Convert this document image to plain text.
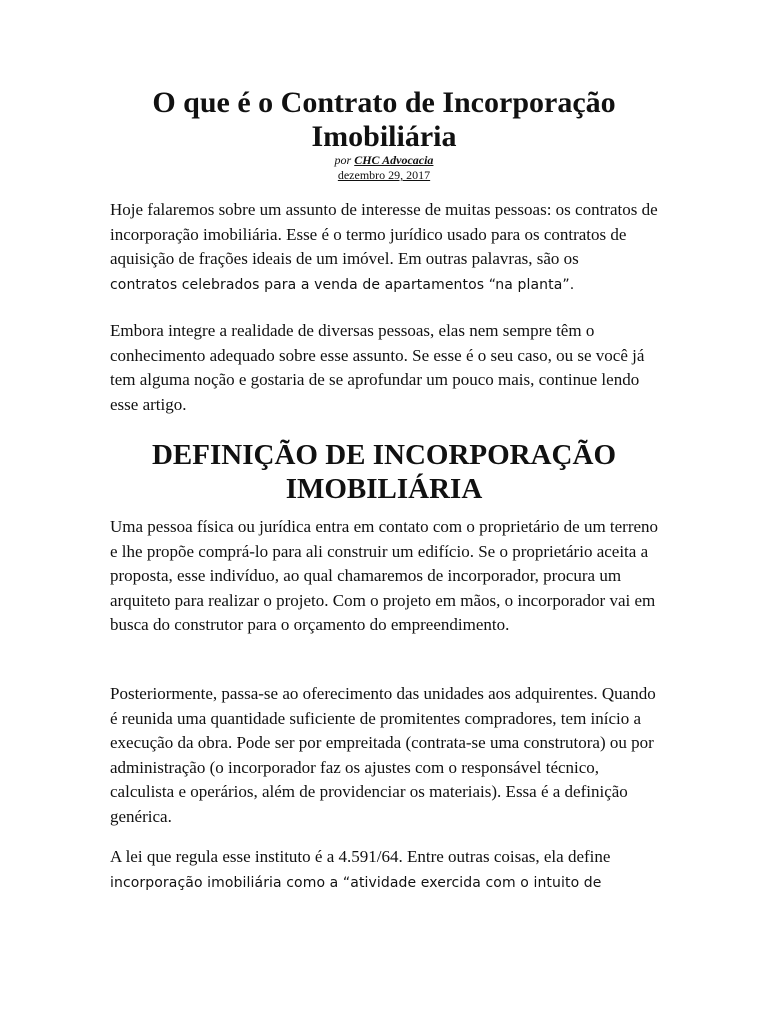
O que é o Contrato de Incorporação Imobiliária
por CHC Advocacia
dezembro 29, 2017

Hoje falaremos sobre um assunto de interesse de muitas pessoas: os contratos de incorporação imobiliária. Esse é o termo jurídico usado para os contratos de aquisição de frações ideais de um imóvel. Em outras palavras, são os
contratos celebrados para a venda de apartamentos “na planta”.

Embora integre a realidade de diversas pessoas, elas nem sempre têm o conhecimento adequado sobre esse assunto. Se esse é o seu caso, ou se você já tem alguma noção e gostaria de se aprofundar um pouco mais, continue lendo esse artigo.

DEFINIÇÃO DE INCORPORAÇÃO IMOBILIÁRIA

Uma pessoa física ou jurídica entra em contato com o proprietário de um terreno e lhe propõe comprá-lo para ali construir um edifício. Se o proprietário aceita a proposta, esse indivíduo, ao qual chamaremos de incorporador, procura um arquiteto para realizar o projeto. Com o projeto em mãos, o incorporador vai em busca do construtor para o orçamento do empreendimento.

Posteriormente, passa-se ao oferecimento das unidades aos adquirentes. Quando é reunida uma quantidade suficiente de promitentes compradores, tem início a execução da obra. Pode ser por empreitada (contrata-se uma construtora) ou por administração (o incorporador faz os ajustes com o responsável técnico, calculista e operários, além de providenciar os materiais). Essa é a definição genérica.

A lei que regula esse instituto é a 4.591/64. Entre outras coisas, ela define
incorporação imobiliária como a “atividade exercida com o intuito de
